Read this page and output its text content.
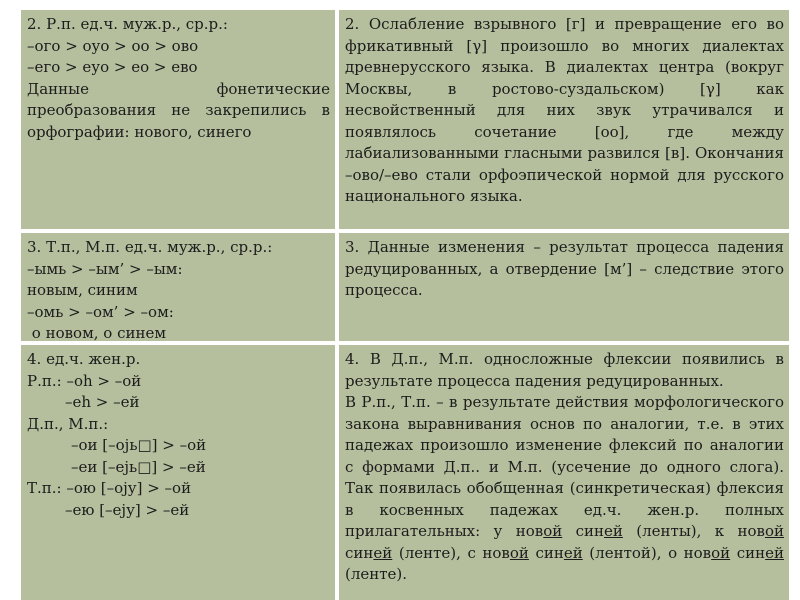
2. Р.п. ед.ч. муж.р., ср.р.:

–ого > оуо > оо > ово

–его > еуо > ео > ево

Данные фонетические преобразования не закрепились в орфографии: нового, синего

2. Ослабление взрывного [г] и превращение его во фрикативный [γ] произошло во многих диалектах древнерусского языка. В диалектах центра (вокруг Москвы, в ростово-суздальском) [γ] как несвойственный для них звук утрачивался и появлялось сочетание [оо], где между лабиализованными гласными развился [в]. Окончания –ово/–ево стали орфоэпической нормой для русского национального языка.

3. Т.п., М.п. ед.ч. муж.р., ср.р.:

–ымь > –ым’ > –ым:

новым, синим

–омь > –ом’ > –ом:

о новом, о синем

3. Данные изменения – результат процесса падения редуцированных, а отвердение [м’] – следствие этого процесса.

4. ед.ч. жен.р.

Р.п.: –оһ > –ой

–еһ > –ей

Д.п., М.п.:

–ои [–ојь□] > –ой

–еи [–ејь□] > –ей

Т.п.: –ою [–оју] > –ой

–ею [–еју] > –ей

4. В Д.п., М.п. односложные флексии появились в результате процесса падения редуцированных.

В Р.п., Т.п. – в результате действия морфологического закона выравнивания основ по аналогии, т.е. в этих падежах произошло изменение флексий по аналогии с формами Д.п.. и М.п. (усечение до одного слога). Так появилась обобщенная (синкретическая) флексия в косвенных падежах ед.ч. жен.р. полных прилагательных: у новой синей (ленты), к новой синей (ленте), с новой синей (лентой), о новой синей (ленте).
